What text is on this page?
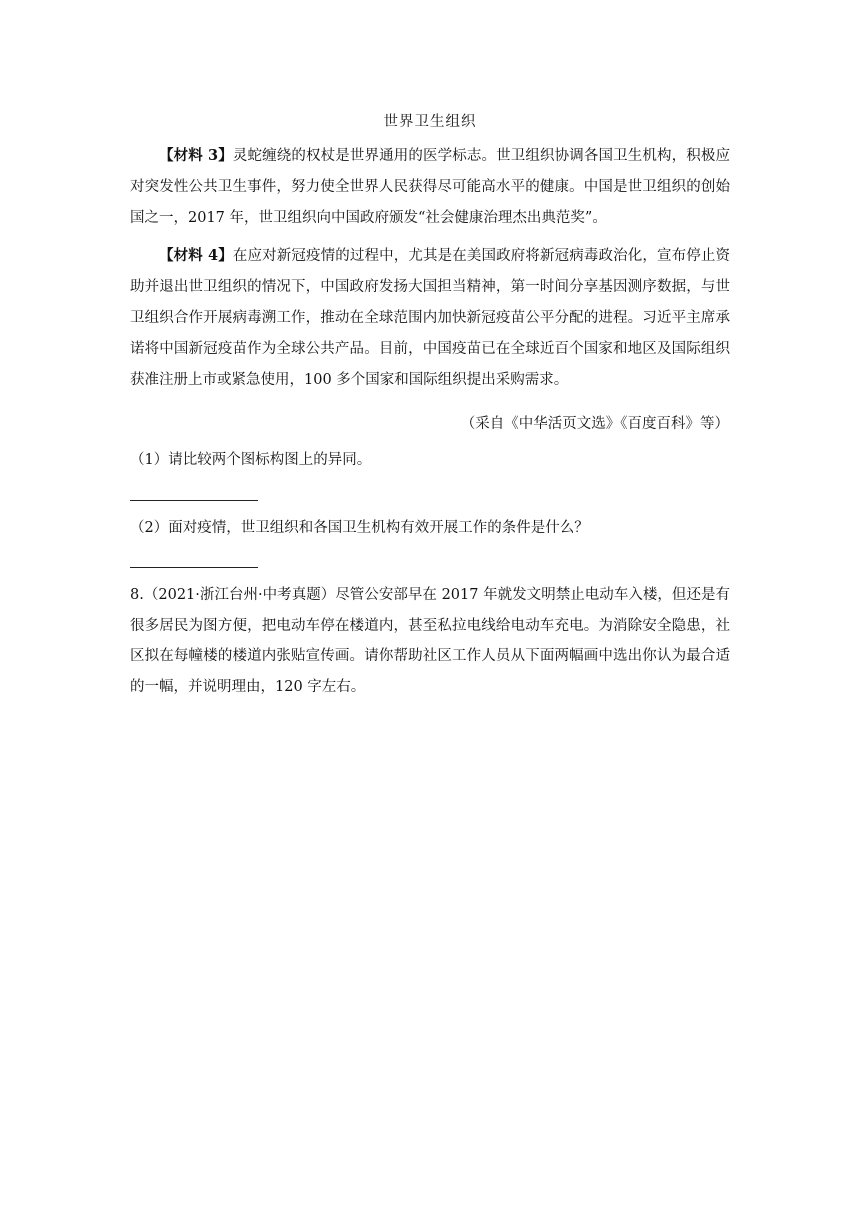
世界卫生组织

【材料 3】灵蛇缠绕的权杖是世界通用的医学标志。世卫组织协调各国卫生机构，积极应对突发性公共卫生事件，努力使全世界人民获得尽可能高水平的健康。中国是世卫组织的创始国之一，2017 年，世卫组织向中国政府颁发“社会健康治理杰出典范奖”。

【材料 4】在应对新冠疫情的过程中，尤其是在美国政府将新冠病毒政治化，宣布停止资助并退出世卫组织的情况下，中国政府发扬大国担当精神，第一时间分享基因测序数据，与世卫组织合作开展病毒溯工作，推动在全球范围内加快新冠疫苗公平分配的进程。习近平主席承诺将中国新冠疫苗作为全球公共产品。目前，中国疫苗已在全球近百个国家和地区及国际组织获准注册上市或紧急使用，100 多个国家和国际组织提出采购需求。

（采自《中华活页文选》《百度百科》等）

（1）请比较两个图标构图上的异同。

（2）面对疫情，世卫组织和各国卫生机构有效开展工作的条件是什么？

8.（2021·浙江台州·中考真题）尽管公安部早在 2017 年就发文明禁止电动车入楼，但还是有很多居民为图方便，把电动车停在楼道内，甚至私拉电线给电动车充电。为消除安全隐患，社区拟在每幢楼的楼道内张贴宣传画。请你帮助社区工作人员从下面两幅画中选出你认为最合适的一幅，并说明理由，120 字左右。
